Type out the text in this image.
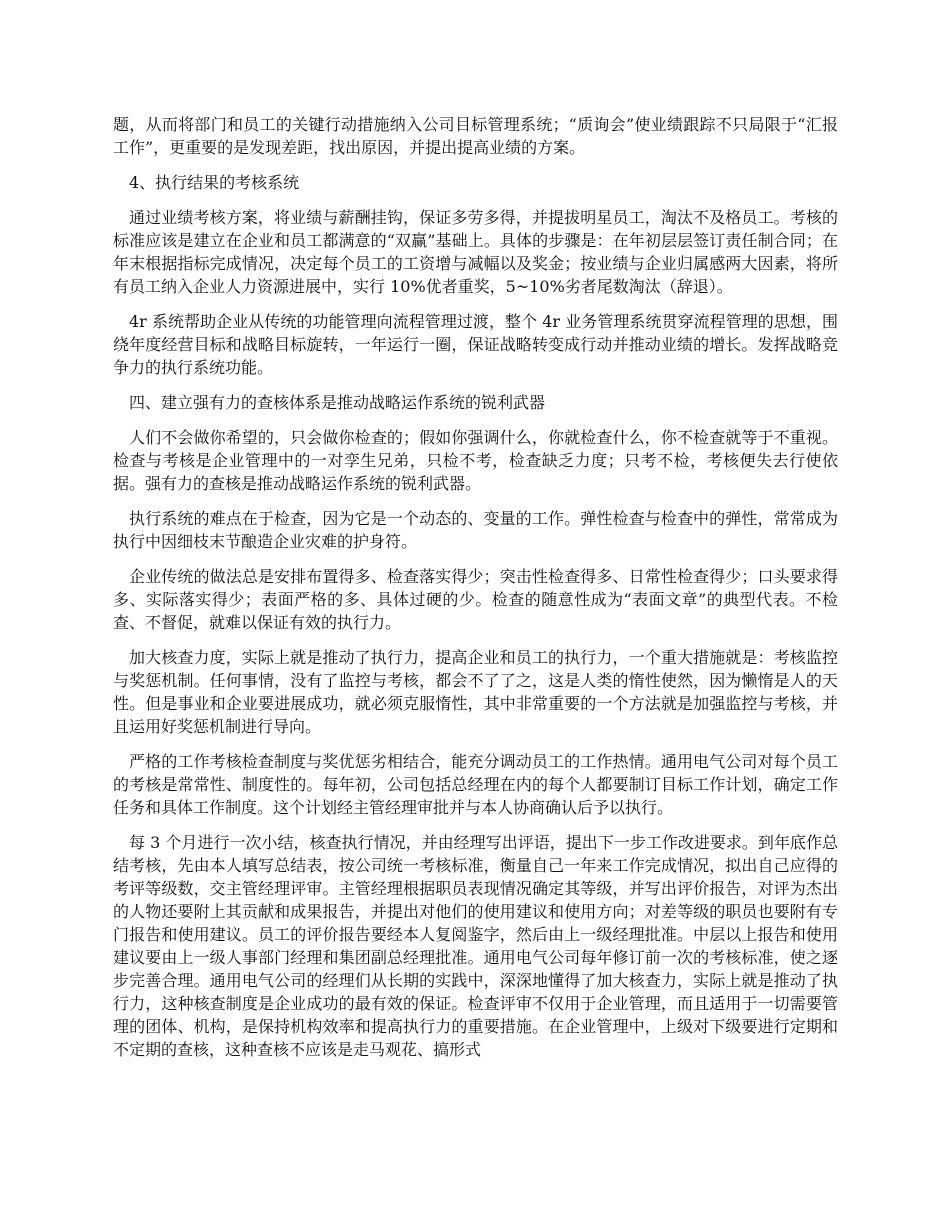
题，从而将部门和员工的关键行动措施纳入公司目标管理系统；“质询会”使业绩跟踪不只局限于“汇报工作”，更重要的是发现差距，找出原因，并提出提高业绩的方案。

4、执行结果的考核系统

通过业绩考核方案，将业绩与薪酬挂钩，保证多劳多得，并提拔明星员工，淘汰不及格员工。考核的标准应该是建立在企业和员工都满意的“双赢”基础上。具体的步骤是：在年初层层签订责任制合同；在年末根据指标完成情况，决定每个员工的工资增与减幅以及奖金；按业绩与企业归属感两大因素，将所有员工纳入企业人力资源进展中，实行 10%优者重奖，5~10%劣者尾数淘汰（辞退）。

4r 系统帮助企业从传统的功能管理向流程管理过渡，整个 4r 业务管理系统贯穿流程管理的思想，围绕年度经营目标和战略目标旋转，一年运行一圈，保证战略转变成行动并推动业绩的增长。发挥战略竞争力的执行系统功能。

四、建立强有力的查核体系是推动战略运作系统的锐利武器

人们不会做你希望的，只会做你检查的；假如你强调什么，你就检查什么，你不检查就等于不重视。检查与考核是企业管理中的一对孪生兄弟，只检不考，检查缺乏力度；只考不检，考核便失去行使依据。强有力的查核是推动战略运作系统的锐利武器。

执行系统的难点在于检查，因为它是一个动态的、变量的工作。弹性检查与检查中的弹性，常常成为执行中因细枝末节酿造企业灾难的护身符。

企业传统的做法总是安排布置得多、检查落实得少；突击性检查得多、日常性检查得少；口头要求得多、实际落实得少；表面严格的多、具体过硬的少。检查的随意性成为“表面文章”的典型代表。不检查、不督促，就难以保证有效的执行力。

加大核查力度，实际上就是推动了执行力，提高企业和员工的执行力，一个重大措施就是：考核监控与奖惩机制。任何事情，没有了监控与考核，都会不了了之，这是人类的惰性使然，因为懒惰是人的天性。但是事业和企业要进展成功，就必须克服惰性，其中非常重要的一个方法就是加强监控与考核，并且运用好奖惩机制进行导向。

严格的工作考核检查制度与奖优惩劣相结合，能充分调动员工的工作热情。通用电气公司对每个员工的考核是常常性、制度性的。每年初，公司包括总经理在内的每个人都要制订目标工作计划，确定工作任务和具体工作制度。这个计划经主管经理审批并与本人协商确认后予以执行。

每 3 个月进行一次小结，核查执行情况，并由经理写出评语，提出下一步工作改进要求。到年底作总结考核，先由本人填写总结表，按公司统一考核标准，衡量自己一年来工作完成情况，拟出自己应得的考评等级数，交主管经理评审。主管经理根据职员表现情况确定其等级，并写出评价报告，对评为杰出的人物还要附上其贡献和成果报告，并提出对他们的使用建议和使用方向；对差等级的职员也要附有专门报告和使用建议。员工的评价报告要经本人复阅鉴字，然后由上一级经理批准。中层以上报告和使用建议要由上一级人事部门经理和集团副总经理批准。通用电气公司每年修订前一次的考核标准，使之逐步完善合理。通用电气公司的经理们从长期的实践中，深深地懂得了加大核查力，实际上就是推动了执行力，这种核查制度是企业成功的最有效的保证。检查评审不仅用于企业管理，而且适用于一切需要管理的团体、机构，是保持机构效率和提高执行力的重要措施。在企业管理中，上级对下级要进行定期和不定期的查核，这种查核不应该是走马观花、搞形式
